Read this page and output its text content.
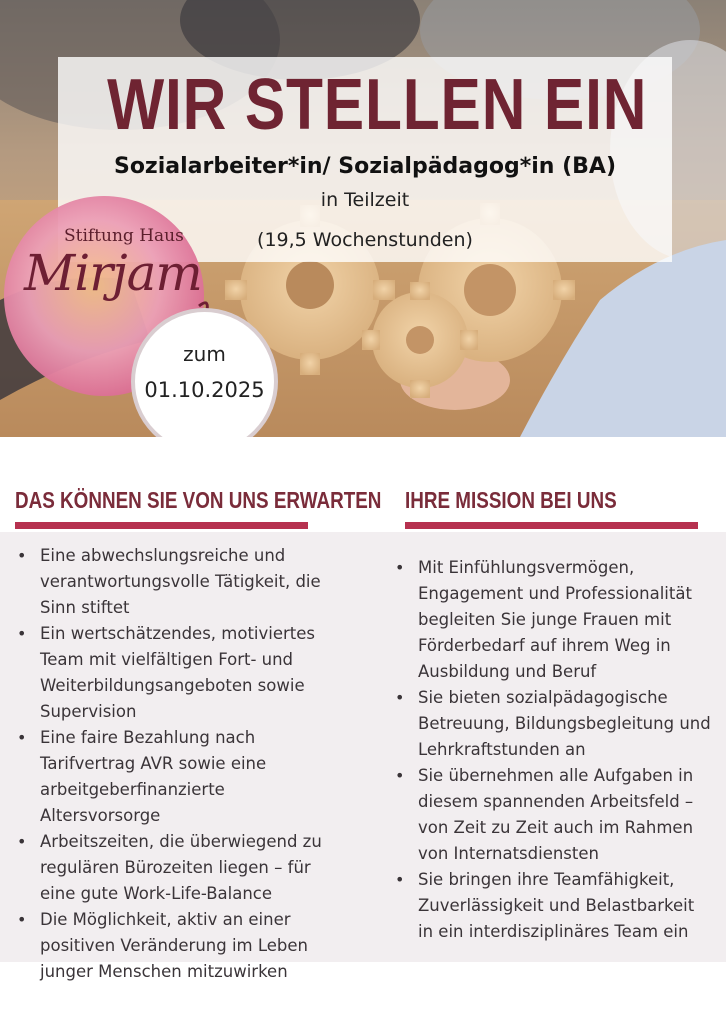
WIR STELLEN EIN
Sozialarbeiter*in/ Sozialpädagog*in (BA)
in Teilzeit
(19,5 Wochenstunden)
Stiftung Haus
Mirjam
zum
01.10.2025
DAS KÖNNEN SIE VON UNS ERWARTEN IHRE MISSION BEI UNS
• Eine abwechslungsreiche und verantwortungsvolle Tätigkeit, die Sinn stiftet
• Ein wertschätzendes, motiviertes Team mit vielfältigen Fort- und Weiterbildungsangeboten sowie Supervision
• Eine faire Bezahlung nach Tarifvertrag AVR sowie eine arbeitgeberfinanzierte Altersvorsorge
• Arbeitszeiten, die überwiegend zu regulären Bürozeiten liegen – für eine gute Work-Life-Balance
• Die Möglichkeit, aktiv an einer positiven Veränderung im Leben junger Menschen mitzuwirken
• Mit Einfühlungsvermögen, Engagement und Professionalität begleiten Sie junge Frauen mit Förderbedarf auf ihrem Weg in Ausbildung und Beruf
• Sie bieten sozialpädagogische Betreuung, Bildungsbegleitung und Lehrkraftstunden an
• Sie übernehmen alle Aufgaben in diesem spannenden Arbeitsfeld – von Zeit zu Zeit auch im Rahmen von Internatsdiensten
• Sie bringen ihre Teamfähigkeit, Zuverlässigkeit und Belastbarkeit in ein interdisziplinäres Team ein
